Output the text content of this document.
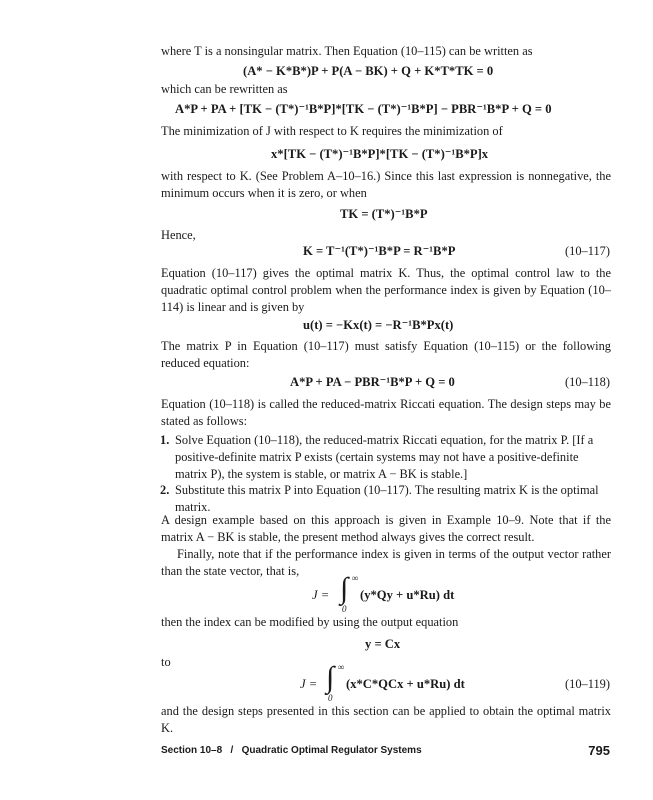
where T is a nonsingular matrix. Then Equation (10–115) can be written as

(A* − K*B*)P + P(A − BK) + Q + K*T*TK = 0

which can be rewritten as

A*P + PA + [TK − (T*)⁻¹B*P]*[TK − (T*)⁻¹B*P] − PBR⁻¹B*P + Q = 0

The minimization of J with respect to K requires the minimization of

x*[TK − (T*)⁻¹B*P]*[TK − (T*)⁻¹B*P]x

with respect to K. (See Problem A–10–16.) Since this last expression is nonnegative, the minimum occurs when it is zero, or when

TK = (T*)⁻¹B*P

Hence,

K = T⁻¹(T*)⁻¹B*P = R⁻¹B*P	(10–117)

Equation (10–117) gives the optimal matrix K. Thus, the optimal control law to the quadratic optimal control problem when the performance index is given by Equation (10–114) is linear and is given by

u(t) = −Kx(t) = −R⁻¹B*Px(t)

The matrix P in Equation (10–117) must satisfy Equation (10–115) or the following reduced equation:

A*P + PA − PBR⁻¹B*P + Q = 0	(10–118)

Equation (10–118) is called the reduced-matrix Riccati equation. The design steps may be stated as follows:

1. Solve Equation (10–118), the reduced-matrix Riccati equation, for the matrix P. [If a positive-definite matrix P exists (certain systems may not have a positive-definite matrix P), the system is stable, or matrix A − BK is stable.]
2. Substitute this matrix P into Equation (10–117). The resulting matrix K is the optimal matrix.

A design example based on this approach is given in Example 10–9. Note that if the matrix A − BK is stable, the present method always gives the correct result.

Finally, note that if the performance index is given in terms of the output vector rather than the state vector, that is,

J = ∫ ∞
0
(y*Qy + u*Ru) dt

then the index can be modified by using the output equation

y = Cx

to

J = ∫ ∞
0
(x*C*QCx + u*Ru) dt	(10–119)

and the design steps presented in this section can be applied to obtain the optimal matrix K.

Section 10–8   /   Quadratic Optimal Regulator Systems	795
